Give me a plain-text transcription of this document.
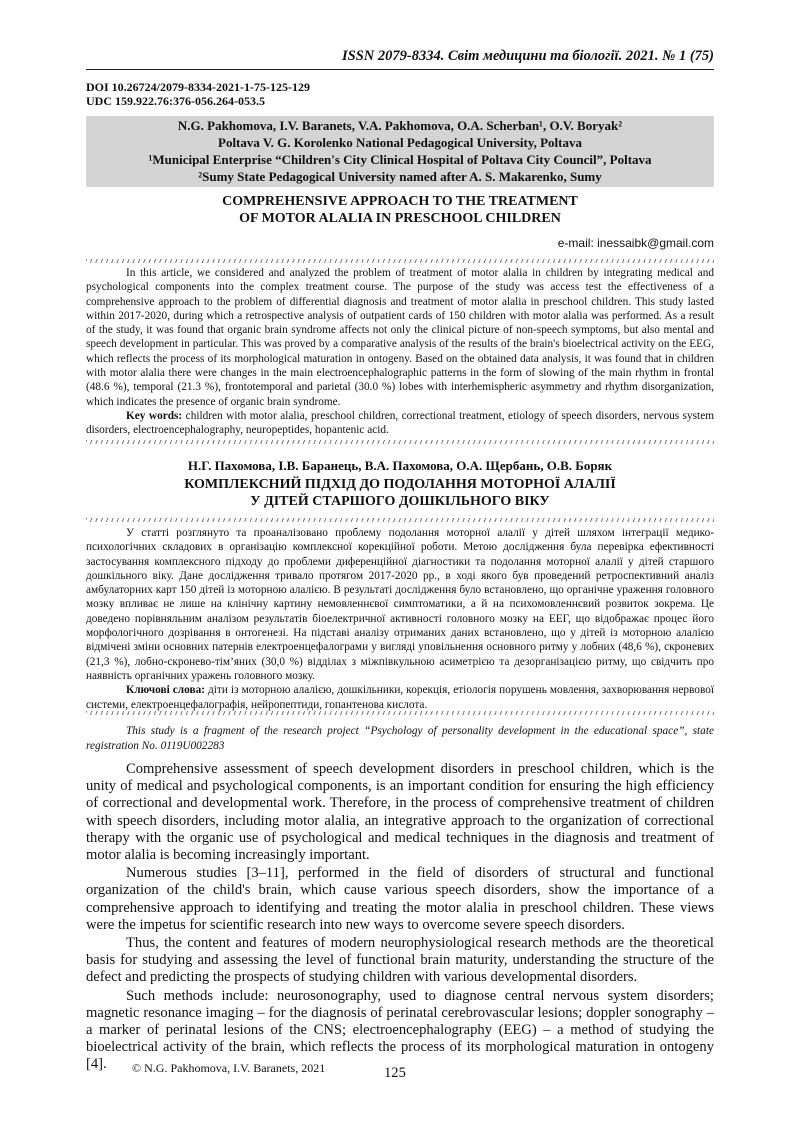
ISSN 2079-8334. Світ медицини та біології. 2021. № 1 (75)
DOI 10.26724/2079-8334-2021-1-75-125-129
UDC 159.922.76:376-056.264-053.5
N.G. Pakhomova, I.V. Baranets, V.A. Pakhomova, O.A. Scherban¹, O.V. Boryak²
Poltava V. G. Korolenko National Pedagogical University, Poltava
¹Municipal Enterprise “Children's City Clinical Hospital of Poltava City Council”, Poltava
²Sumy State Pedagogical University named after A. S. Makarenko, Sumy
COMPREHENSIVE APPROACH TO THE TREATMENT
OF MOTOR ALALIA IN PRESCHOOL CHILDREN
e-mail: inessaibk@gmail.com

In this article, we considered and analyzed the problem of treatment of motor alalia in children by integrating medical and psychological components into the complex treatment course. The purpose of the study was access test the effectiveness of a comprehensive approach to the problem of differential diagnosis and treatment of motor alalia in preschool children. This study lasted within 2017-2020, during which a retrospective analysis of outpatient cards of 150 children with motor alalia was performed. As a result of the study, it was found that organic brain syndrome affects not only the clinical picture of non-speech symptoms, but also mental and speech development in particular. This was proved by a comparative analysis of the results of the brain's bioelectrical activity on the EEG, which reflects the process of its morphological maturation in ontogeny. Based on the obtained data analysis, it was found that in children with motor alalia there were changes in the main electroencephalographic patterns in the form of slowing of the main rhythm in frontal (48.6 %), temporal (21.3 %), frontotemporal and parietal (30.0 %) lobes with interhemispheric asymmetry and rhythm disorganization, which indicates the presence of organic brain syndrome.

Key words: children with motor alalia, preschool children, correctional treatment, etiology of speech disorders, nervous system disorders, electroencephalography, neuropeptides, hopantenic acid.

Н.Г. Пахомова, І.В. Баранець, В.А. Пахомова, О.А. Щербань, О.В. Боряк
КОМПЛЕКСНИЙ ПІДХІД ДО ПОДОЛАННЯ МОТОРНОЇ АЛАЛІЇ
У ДІТЕЙ СТАРШОГО ДОШКІЛЬНОГО ВІКУ

У статті розглянуто та проаналізовано проблему подолання моторної алалії у дітей шляхом інтеграції медико-психологічних складових в організацію комплексної корекційної роботи. Метою дослідження була перевірка ефективності застосування комплексного підходу до проблеми диференційної діагностики та подолання моторної алалії у дітей старшого дошкільного віку. Дане дослідження тривало протягом 2017-2020 рр., в ході якого був проведений ретроспективний аналіз амбулаторних карт 150 дітей із моторною алалією. В результаті дослідження було встановлено, що органічне ураження головного мозку впливає не лише на клінічну картину немовленнєвої симптоматики, а й на психомовленнєвий розвиток зокрема. Це доведено порівняльним аналізом результатів біоелектричної активності головного мозку на ЕЕГ, що відображає процес його морфологічного дозрівання в онтогенезі. На підставі аналізу отриманих даних встановлено, що у дітей із моторною алалією відмічені зміни основних патернів електроенцефалограми у вигляді уповільнення основного ритму у лобних (48,6 %), скроневих (21,3 %), лобно-скронево-тім’яних (30,0 %) відділах з міжпівкульною асиметрією та дезорганізацією ритму, що свідчить про наявність органічних уражень головного мозку.

Ключові слова: діти із моторною алалією, дошкільники, корекція, етіологія порушень мовлення, захворювання нервової системи, електроенцефалографія, нейропептиди, гопантенова кислота.

This study is a fragment of the research project “Psychology of personality development in the educational space”, state registration No. 0119U002283

Comprehensive assessment of speech development disorders in preschool children, which is the unity of medical and psychological components, is an important condition for ensuring the high efficiency of correctional and developmental work. Therefore, in the process of comprehensive treatment of children with speech disorders, including motor alalia, an integrative approach to the organization of correctional therapy with the organic use of psychological and medical techniques in the diagnosis and treatment of motor alalia is becoming increasingly important.

Numerous studies [3–11], performed in the field of disorders of structural and functional organization of the child's brain, which cause various speech disorders, show the importance of a comprehensive approach to identifying and treating the motor alalia in preschool children. These views were the impetus for scientific research into new ways to overcome severe speech disorders.

Thus, the content and features of modern neurophysiological research methods are the theoretical basis for studying and assessing the level of functional brain maturity, understanding the structure of the defect and predicting the prospects of studying children with various developmental disorders.

Such methods include: neurosonography, used to diagnose central nervous system disorders; magnetic resonance imaging – for the diagnosis of perinatal cerebrovascular lesions; doppler sonography – a marker of perinatal lesions of the CNS; electroencephalography (EEG) – a method of studying the bioelectrical activity of the brain, which reflects the process of its morphological maturation in ontogeny [4].	© N.G. Pakhomova, I.V. Baranets, 2021	125
